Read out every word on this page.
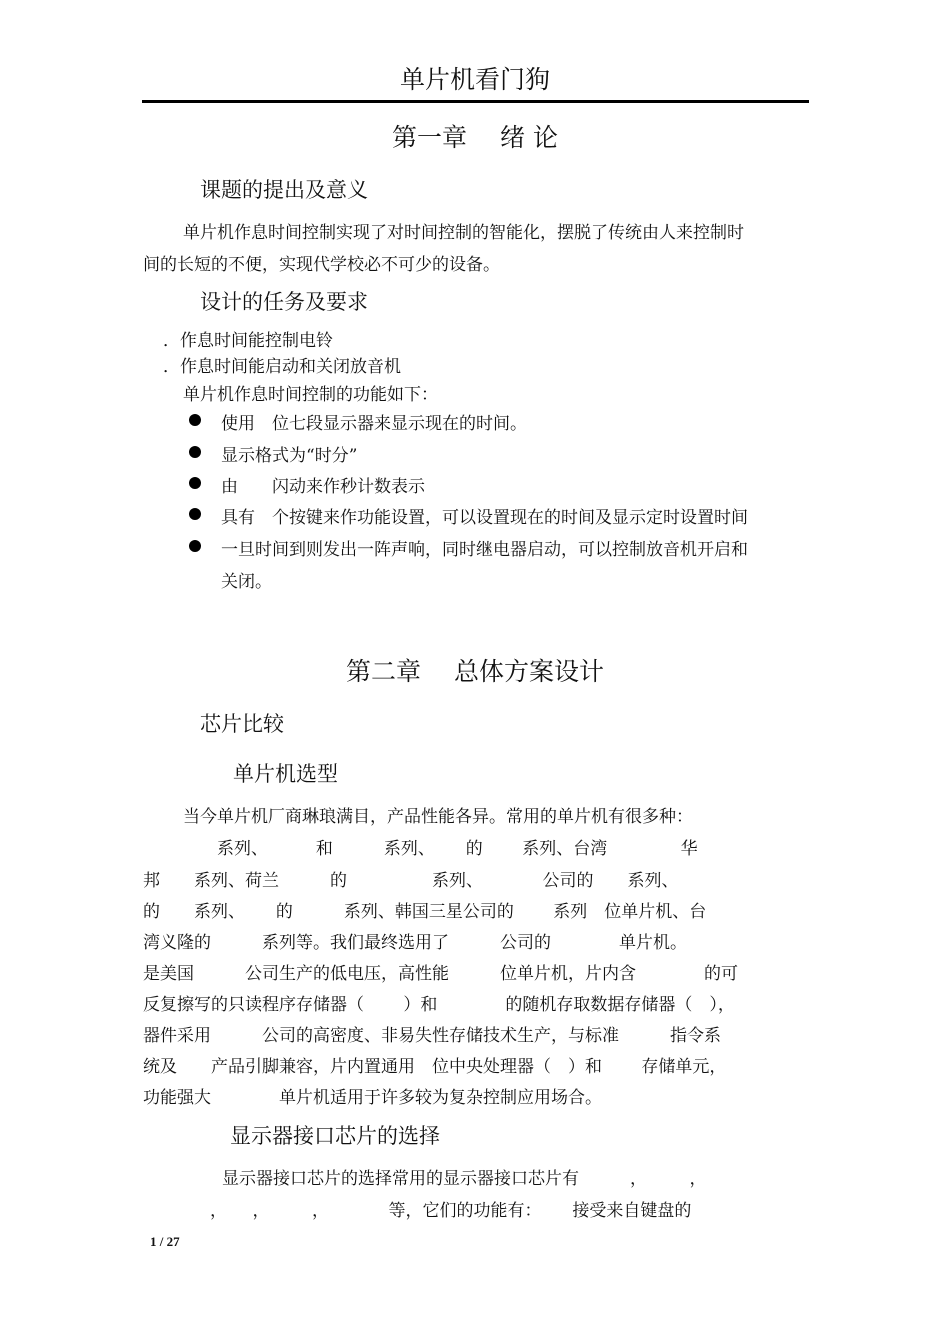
单片机看门狗
第一章　 绪 论
课题的提出及意义
单片机作息时间控制实现了对时间控制的智能化，摆脱了传统由人来控制时
间的长短的不便，实现代学校必不可少的设备。
设计的任务及要求
．作息时间能控制电铃
．作息时间能启动和关闭放音机
单片机作息时间控制的功能如下：
使用　位七段显示器来显示现在的时间。
显示格式为“时分”
由　　闪动来作秒计数表示
具有　个按键来作功能设置，可以设置现在的时间及显示定时设置时间
一旦时间到则发出一阵声响，同时继电器启动，可以控制放音机开启和
关闭。
第二章　 总体方案设计
芯片比较
单片机选型
当今单片机厂商琳琅满目，产品性能各异。常用的单片机有很多种：
　　系列、　　　 和　　　系列、　　 的　　 系列、台湾　　　　 华
邦　　系列、荷兰　　　的　　　　　系列、　　　　公司的　　系列、
的　　系列、　　 的　　　系列、韩国三星公司的　　 系列　位单片机、台
湾义隆的　　　系列等。我们最终选用了　　　公司的　　　　单片机。
是美国　　　公司生产的低电压，高性能　　　位单片机，片内含　　　　的可
反复擦写的只读程序存储器（　　 ）和　　　　的随机存取数据存储器（　），
器件采用　　　公司的高密度、非易失性存储技术生产，与标准　　　指令系
统及　　产品引脚兼容，片内置通用　位中央处理器（　）和　　 存储单元，
功能强大　　　　单片机适用于许多较为复杂控制应用场合。
显示器接口芯片的选择
显示器接口芯片的选择常用的显示器接口芯片有　　　，　　　，
，　　，　　　，　　　　等，它们的功能有：　　 接受来自键盘的
1 / 27
